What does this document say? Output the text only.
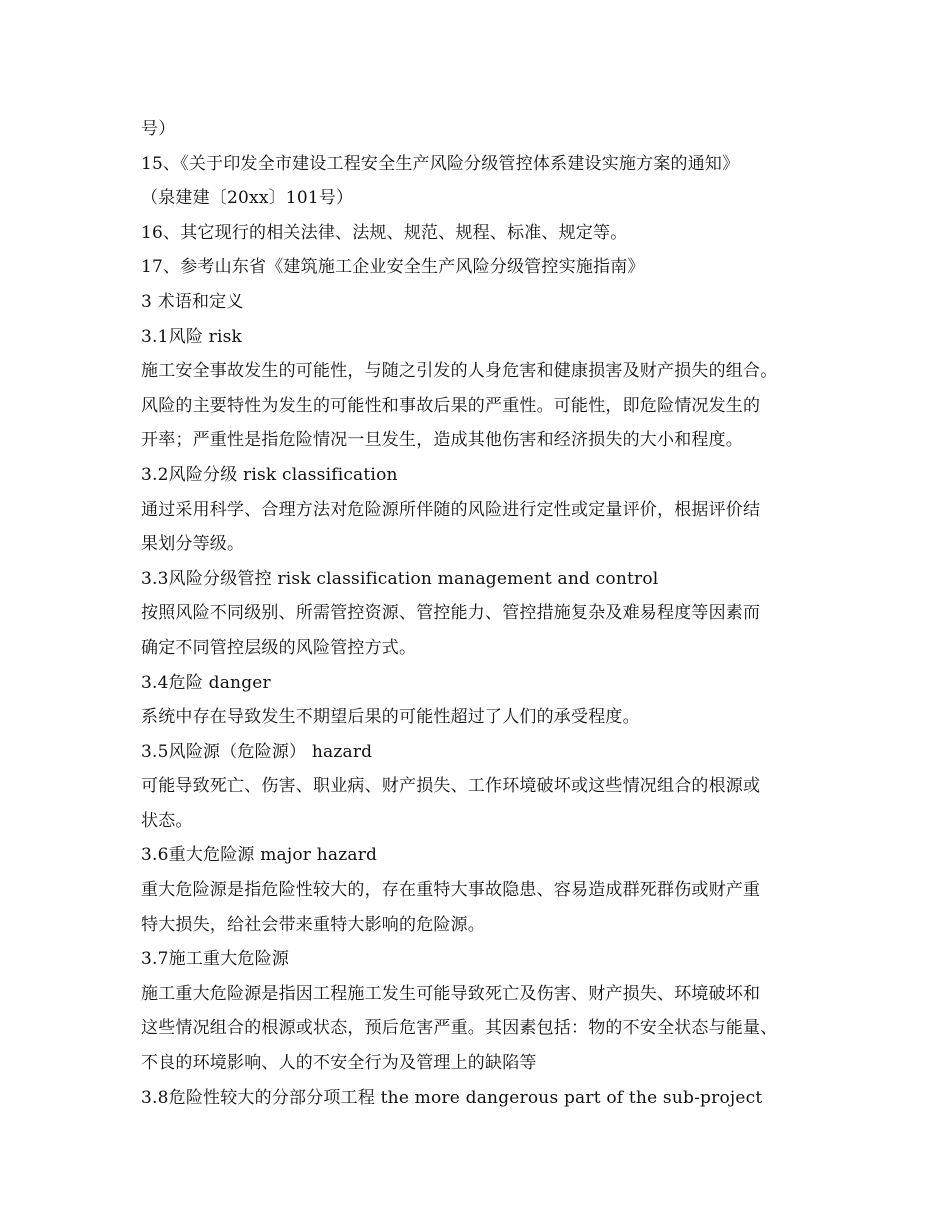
号）
15、《关于印发全市建设工程安全生产风险分级管控体系建设实施方案的通知》
（泉建建〔20xx〕101号）
16、其它现行的相关法律、法规、规范、规程、标准、规定等。
17、参考山东省《建筑施工企业安全生产风险分级管控实施指南》
3 术语和定义
3.1风险 risk
施工安全事故发生的可能性，与随之引发的人身危害和健康损害及财产损失的组合。
风险的主要特性为发生的可能性和事故后果的严重性。可能性，即危险情况发生的
开率；严重性是指危险情况一旦发生，造成其他伤害和经济损失的大小和程度。
3.2风险分级 risk classification
通过采用科学、合理方法对危险源所伴随的风险进行定性或定量评价，根据评价结
果划分等级。
3.3风险分级管控 risk classification management and control
按照风险不同级别、所需管控资源、管控能力、管控措施复杂及难易程度等因素而
确定不同管控层级的风险管控方式。
3.4危险 danger
系统中存在导致发生不期望后果的可能性超过了人们的承受程度。
3.5风险源（危险源） hazard
可能导致死亡、伤害、职业病、财产损失、工作环境破坏或这些情况组合的根源或
状态。
3.6重大危险源 major hazard
重大危险源是指危险性较大的，存在重特大事故隐患、容易造成群死群伤或财产重
特大损失，给社会带来重特大影响的危险源。
3.7施工重大危险源
施工重大危险源是指因工程施工发生可能导致死亡及伤害、财产损失、环境破坏和
这些情况组合的根源或状态，预后危害严重。其因素包括：物的不安全状态与能量、
不良的环境影响、人的不安全行为及管理上的缺陷等
3.8危险性较大的分部分项工程 the more dangerous part of the sub-project
